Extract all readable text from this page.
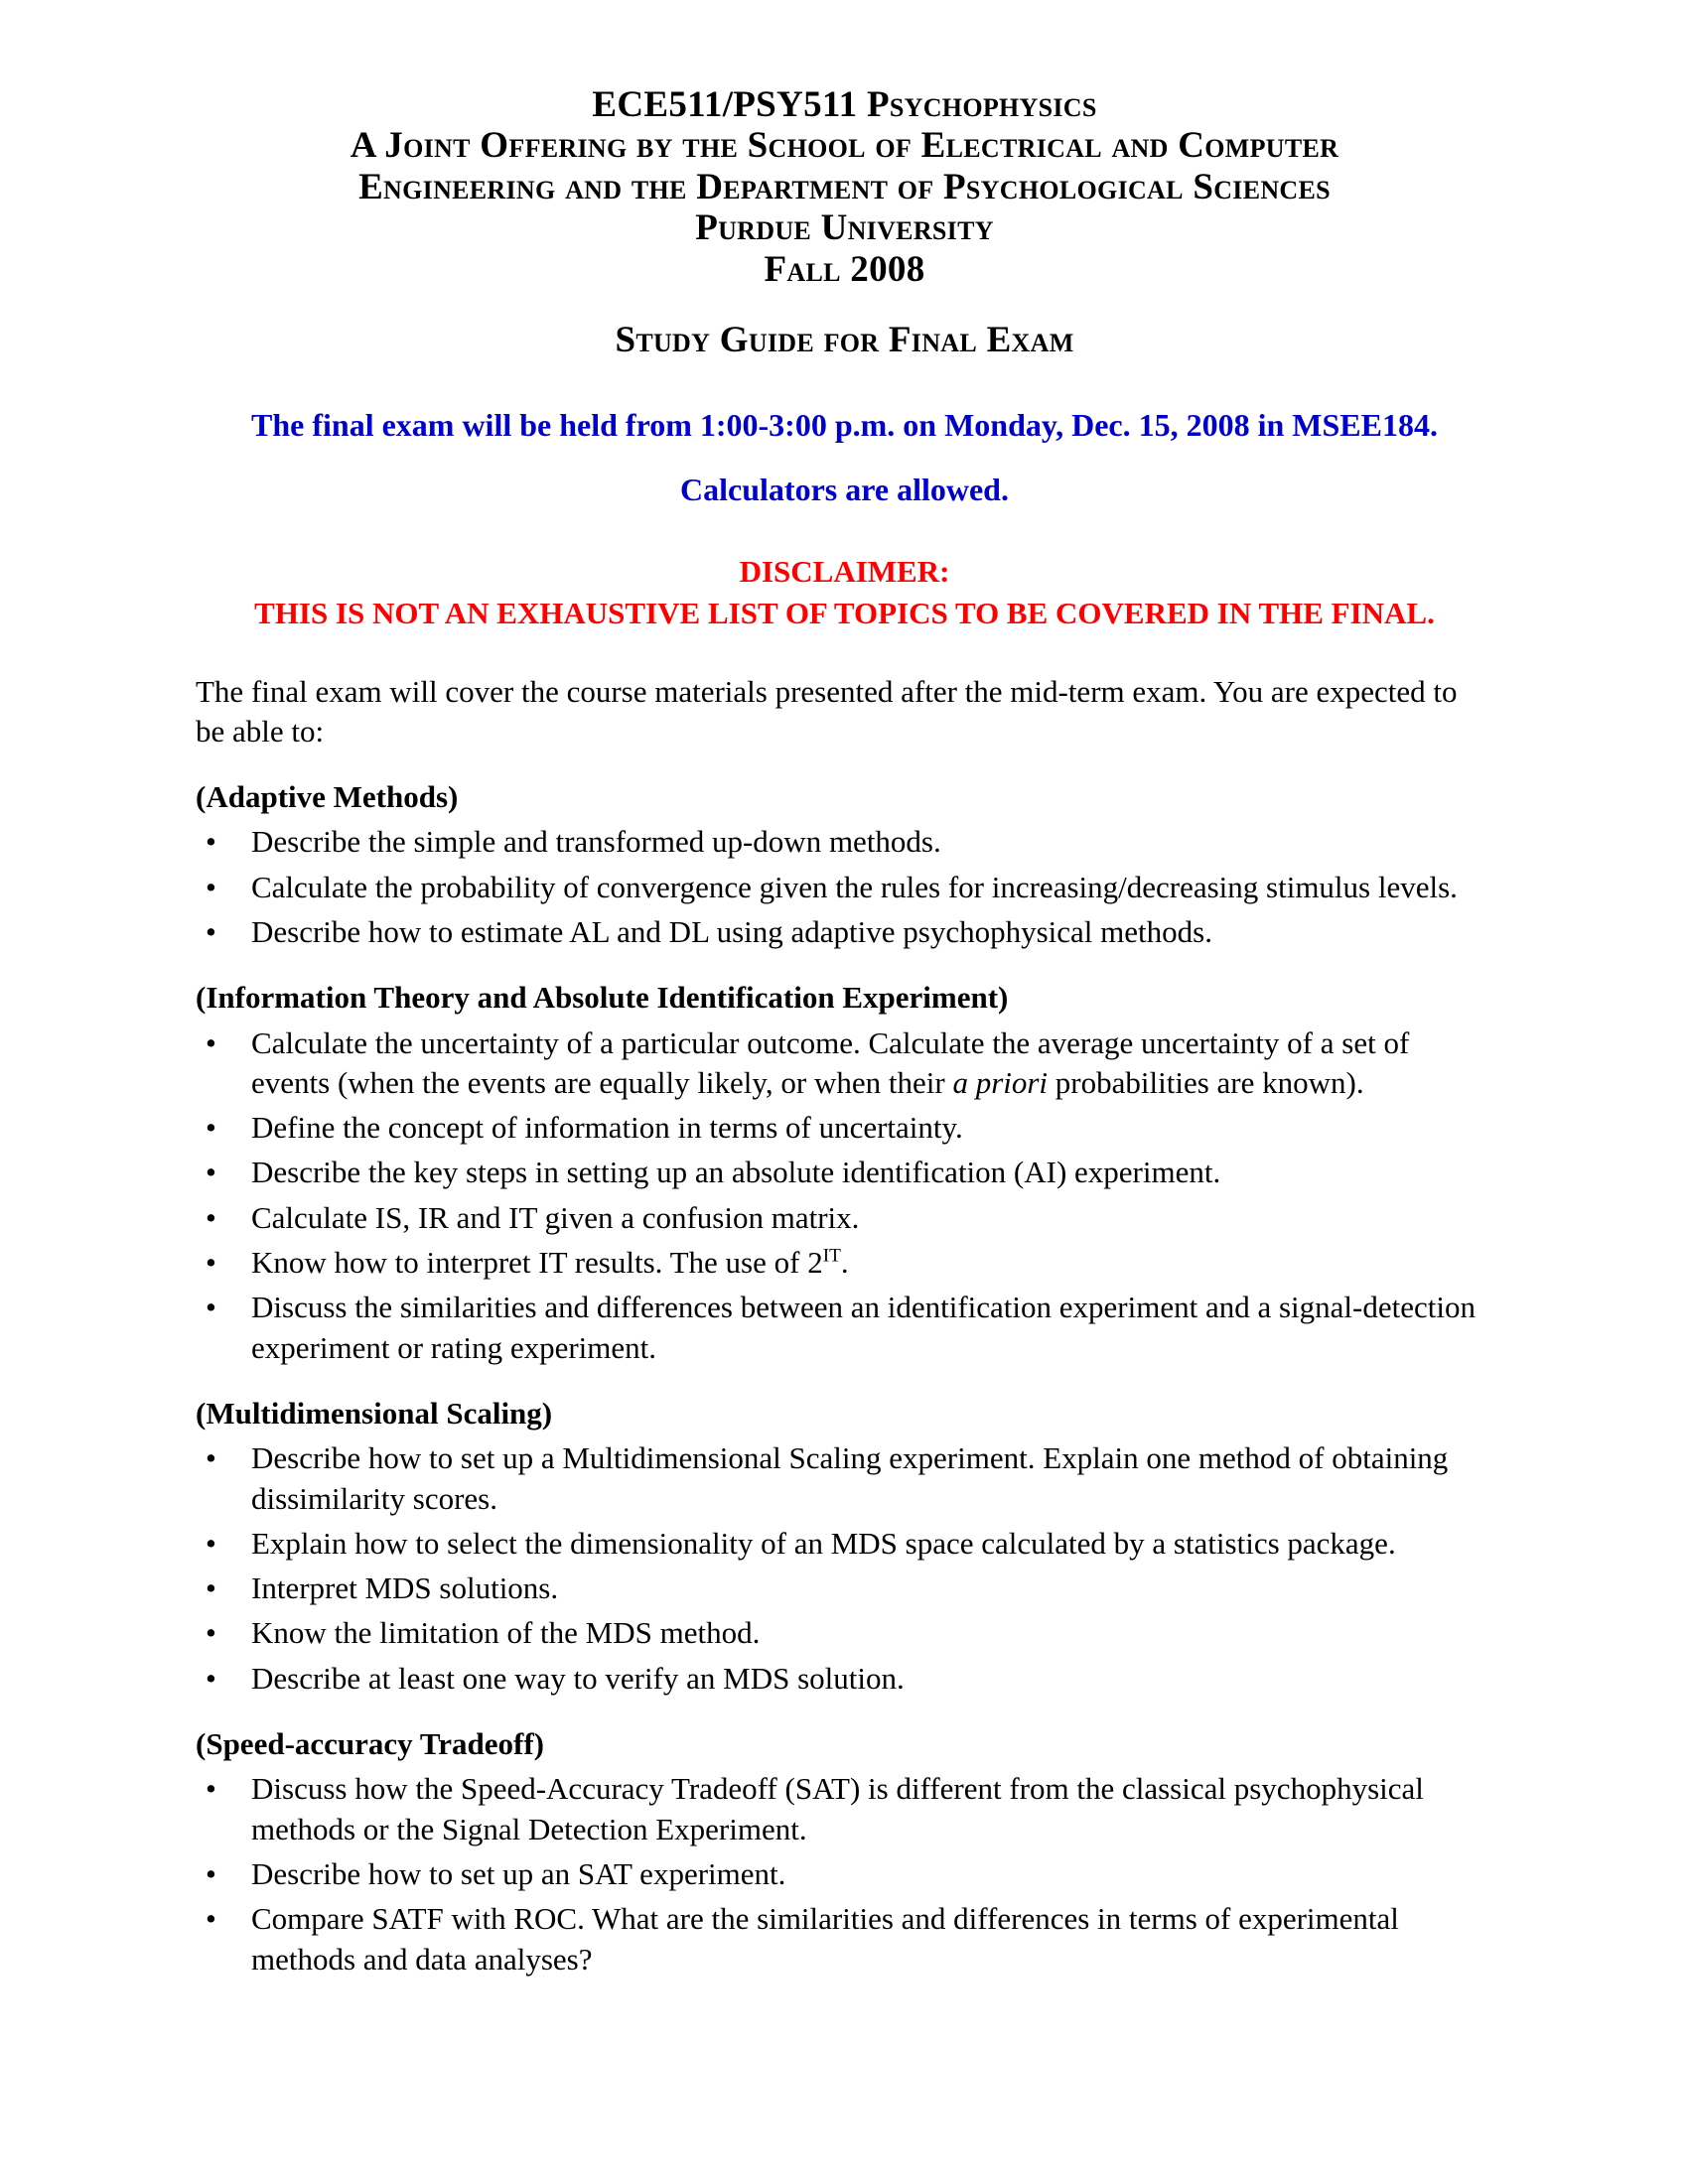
ECE511/PSY511 Psychophysics
A Joint Offering by the School of Electrical and Computer
Engineering and the Department of Psychological Sciences
Purdue University
Fall 2008
Study Guide for Final Exam

The final exam will be held from 1:00-3:00 p.m. on Monday, Dec. 15, 2008 in MSEE184.

Calculators are allowed.

DISCLAIMER:
THIS IS NOT AN EXHAUSTIVE LIST OF TOPICS TO BE COVERED IN THE FINAL.

The final exam will cover the course materials presented after the mid-term exam. You are expected to be able to:

(Adaptive Methods)
• Describe the simple and transformed up-down methods.
• Calculate the probability of convergence given the rules for increasing/decreasing stimulus levels.
• Describe how to estimate AL and DL using adaptive psychophysical methods.
(Information Theory and Absolute Identification Experiment)
• Calculate the uncertainty of a particular outcome. Calculate the average uncertainty of a set of events (when the events are equally likely, or when their a priori probabilities are known).
• Define the concept of information in terms of uncertainty.
• Describe the key steps in setting up an absolute identification (AI) experiment.
• Calculate IS, IR and IT given a confusion matrix.
• Know how to interpret IT results. The use of $2^{IT}$.
• Discuss the similarities and differences between an identification experiment and a signal-detection experiment or rating experiment.
(Multidimensional Scaling)
• Describe how to set up a Multidimensional Scaling experiment. Explain one method of obtaining dissimilarity scores.
• Explain how to select the dimensionality of an MDS space calculated by a statistics package.
• Interpret MDS solutions.
• Know the limitation of the MDS method.
• Describe at least one way to verify an MDS solution.
(Speed-accuracy Tradeoff)
• Discuss how the Speed-Accuracy Tradeoff (SAT) is different from the classical psychophysical methods or the Signal Detection Experiment.
• Describe how to set up an SAT experiment.
• Compare SATF with ROC. What are the similarities and differences in terms of experimental methods and data analyses?
